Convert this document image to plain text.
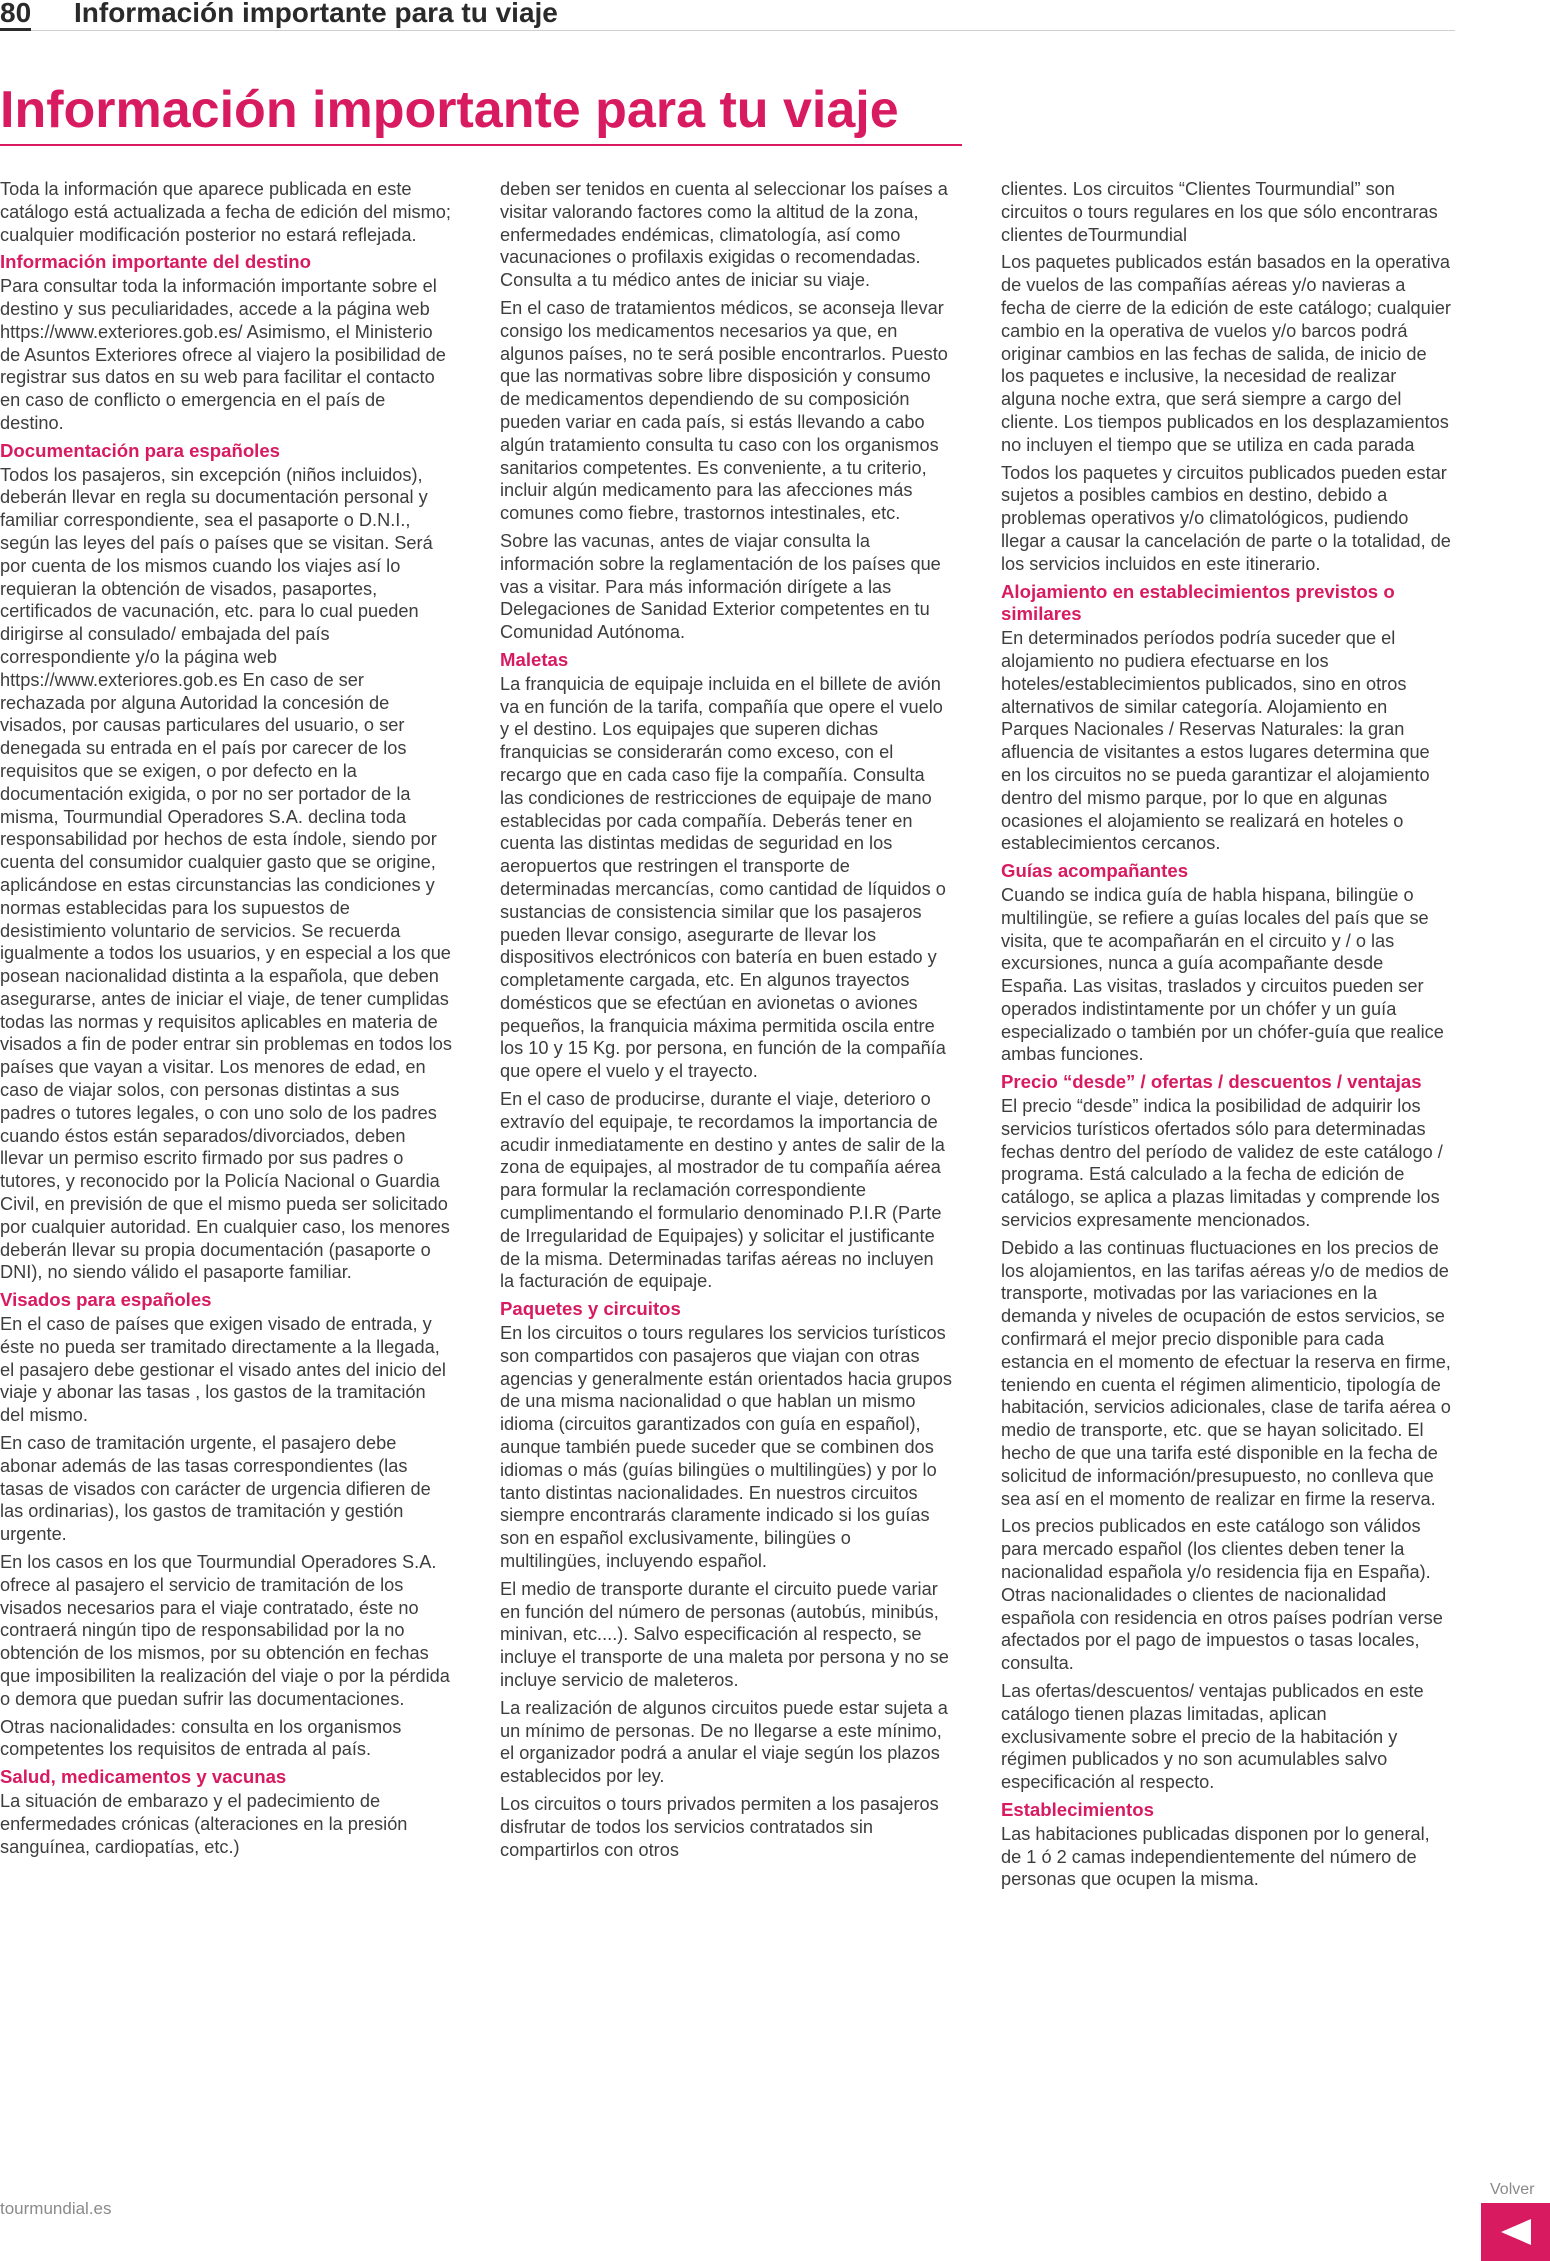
80 Información importante para tu viaje
Información importante para tu viaje

Toda la información que aparece publicada en este catálogo está actualizada a fecha de edición del mismo; cualquier modificación posterior no estará reflejada.

Información importante del destino

Para consultar toda la información importante sobre el destino y sus peculiaridades, accede a la página web https://www.exteriores.gob.es/ Asimismo, el Ministerio de Asuntos Exteriores ofrece al viajero la posibilidad de registrar sus datos en su web para facilitar el contacto en caso de conflicto o emergencia en el país de destino.

Documentación para españoles

Todos los pasajeros, sin excepción (niños incluidos), deberán llevar en regla su documentación personal y familiar correspondiente, sea el pasaporte o D.N.I., según las leyes del país o países que se visitan. Será por cuenta de los mismos cuando los viajes así lo requieran la obtención de visados, pasaportes, certificados de vacunación, etc. para lo cual pueden dirigirse al consulado/ embajada del país correspondiente y/o la página web https://www.exteriores.gob.es En caso de ser rechazada por alguna Autoridad la concesión de visados, por causas particulares del usuario, o ser denegada su entrada en el país por carecer de los requisitos que se exigen, o por defecto en la documentación exigida, o por no ser portador de la misma, Tourmundial Operadores S.A. declina toda responsabilidad por hechos de esta índole, siendo por cuenta del consumidor cualquier gasto que se origine, aplicándose en estas circunstancias las condiciones y normas establecidas para los supuestos de desistimiento voluntario de servicios. Se recuerda igualmente a todos los usuarios, y en especial a los que posean nacionalidad distinta a la española, que deben asegurarse, antes de iniciar el viaje, de tener cumplidas todas las normas y requisitos aplicables en materia de visados a fin de poder entrar sin problemas en todos los países que vayan a visitar. Los menores de edad, en caso de viajar solos, con personas distintas a sus padres o tutores legales, o con uno solo de los padres cuando éstos están separados/divorciados, deben llevar un permiso escrito firmado por sus padres o tutores, y reconocido por la Policía Nacional o Guardia Civil, en previsión de que el mismo pueda ser solicitado por cualquier autoridad. En cualquier caso, los menores deberán llevar su propia documentación (pasaporte o DNI), no siendo válido el pasaporte familiar.

Visados para españoles

En el caso de países que exigen visado de entrada, y éste no pueda ser tramitado directamente a la llegada, el pasajero debe gestionar el visado antes del inicio del viaje y abonar las tasas , los gastos de la tramitación del mismo.

En caso de tramitación urgente, el pasajero debe abonar además de las tasas correspondientes (las tasas de visados con carácter de urgencia difieren de las ordinarias), los gastos de tramitación y gestión urgente.

En los casos en los que Tourmundial Operadores S.A. ofrece al pasajero el servicio de tramitación de los visados necesarios para el viaje contratado, éste no contraerá ningún tipo de responsabilidad por la no obtención de los mismos, por su obtención en fechas que imposibiliten la realización del viaje o por la pérdida o demora que puedan sufrir las documentaciones.

Otras nacionalidades: consulta en los organismos competentes los requisitos de entrada al país.

Salud, medicamentos y vacunas

La situación de embarazo y el padecimiento de enfermedades crónicas (alteraciones en la presión sanguínea, cardiopatías, etc.)

deben ser tenidos en cuenta al seleccionar los países a visitar valorando factores como la altitud de la zona, enfermedades endémicas, climatología, así como vacunaciones o profilaxis exigidas o recomendadas. Consulta a tu médico antes de iniciar su viaje.

En el caso de tratamientos médicos, se aconseja llevar consigo los medicamentos necesarios ya que, en algunos países, no te será posible encontrarlos. Puesto que las normativas sobre libre disposición y consumo de medicamentos dependiendo de su composición pueden variar en cada país, si estás llevando a cabo algún tratamiento consulta tu caso con los organismos sanitarios competentes. Es conveniente, a tu criterio, incluir algún medicamento para las afecciones más comunes como fiebre, trastornos intestinales, etc.

Sobre las vacunas, antes de viajar consulta la información sobre la reglamentación de los países que vas a visitar. Para más información dirígete a las Delegaciones de Sanidad Exterior competentes en tu Comunidad Autónoma.

Maletas

La franquicia de equipaje incluida en el billete de avión va en función de la tarifa, compañía que opere el vuelo y el destino. Los equipajes que superen dichas franquicias se considerarán como exceso, con el recargo que en cada caso fije la compañía. Consulta las condiciones de restricciones de equipaje de mano establecidas por cada compañía. Deberás tener en cuenta las distintas medidas de seguridad en los aeropuertos que restringen el transporte de determinadas mercancías, como cantidad de líquidos o sustancias de consistencia similar que los pasajeros pueden llevar consigo, asegurarte de llevar los dispositivos electrónicos con batería en buen estado y completamente cargada, etc. En algunos trayectos domésticos que se efectúan en avionetas o aviones pequeños, la franquicia máxima permitida oscila entre los 10 y 15 Kg. por persona, en función de la compañía que opere el vuelo y el trayecto.

En el caso de producirse, durante el viaje, deterioro o extravío del equipaje, te recordamos la importancia de acudir inmediatamente en destino y antes de salir de la zona de equipajes, al mostrador de tu compañía aérea para formular la reclamación correspondiente cumplimentando el formulario denominado P.I.R (Parte de Irregularidad de Equipajes) y solicitar el justificante de la misma. Determinadas tarifas aéreas no incluyen la facturación de equipaje.

Paquetes y circuitos

En los circuitos o tours regulares los servicios turísticos son compartidos con pasajeros que viajan con otras agencias y generalmente están orientados hacia grupos de una misma nacionalidad o que hablan un mismo idioma (circuitos garantizados con guía en español), aunque también puede suceder que se combinen dos idiomas o más (guías bilingües o multilingües) y por lo tanto distintas nacionalidades. En nuestros circuitos siempre encontrarás claramente indicado si los guías son en español exclusivamente, bilingües o multilingües, incluyendo español.

El medio de transporte durante el circuito puede variar en función del número de personas (autobús, minibús, minivan, etc....). Salvo especificación al respecto, se incluye el transporte de una maleta por persona y no se incluye servicio de maleteros.

La realización de algunos circuitos puede estar sujeta a un mínimo de personas. De no llegarse a este mínimo, el organizador podrá a anular el viaje según los plazos establecidos por ley.

Los circuitos o tours privados permiten a los pasajeros disfrutar de todos los servicios contratados sin compartirlos con otros

clientes. Los circuitos “Clientes Tourmundial” son circuitos o tours regulares en los que sólo encontraras clientes deTourmundial

Los paquetes publicados están basados en la operativa de vuelos de las compañías aéreas y/o navieras a fecha de cierre de la edición de este catálogo; cualquier cambio en la operativa de vuelos y/o barcos podrá originar cambios en las fechas de salida, de inicio de los paquetes e inclusive, la necesidad de realizar alguna noche extra, que será siempre a cargo del cliente. Los tiempos publicados en los desplazamientos no incluyen el tiempo que se utiliza en cada parada

Todos los paquetes y circuitos publicados pueden estar sujetos a posibles cambios en destino, debido a problemas operativos y/o climatológicos, pudiendo llegar a causar la cancelación de parte o la totalidad, de los servicios incluidos en este itinerario.

Alojamiento en establecimientos previstos o similares

En determinados períodos podría suceder que el alojamiento no pudiera efectuarse en los hoteles/establecimientos publicados, sino en otros alternativos de similar categoría. Alojamiento en Parques Nacionales / Reservas Naturales: la gran afluencia de visitantes a estos lugares determina que en los circuitos no se pueda garantizar el alojamiento dentro del mismo parque, por lo que en algunas ocasiones el alojamiento se realizará en hoteles o establecimientos cercanos.

Guías acompañantes

Cuando se indica guía de habla hispana, bilingüe o multilingüe, se refiere a guías locales del país que se visita, que te acompañarán en el circuito y / o las excursiones, nunca a guía acompañante desde España. Las visitas, traslados y circuitos pueden ser operados indistintamente por un chófer y un guía especializado o también por un chófer-guía que realice ambas funciones.

Precio “desde” / ofertas / descuentos / ventajas

El precio “desde” indica la posibilidad de adquirir los servicios turísticos ofertados sólo para determinadas fechas dentro del período de validez de este catálogo / programa. Está calculado a la fecha de edición de catálogo, se aplica a plazas limitadas y comprende los servicios expresamente mencionados.

Debido a las continuas fluctuaciones en los precios de los alojamientos, en las tarifas aéreas y/o de medios de transporte, motivadas por las variaciones en la demanda y niveles de ocupación de estos servicios, se confirmará el mejor precio disponible para cada estancia en el momento de efectuar la reserva en firme, teniendo en cuenta el régimen alimenticio, tipología de habitación, servicios adicionales, clase de tarifa aérea o medio de transporte, etc. que se hayan solicitado. El hecho de que una tarifa esté disponible en la fecha de solicitud de información/presupuesto, no conlleva que sea así en el momento de realizar en firme la reserva.

Los precios publicados en este catálogo son válidos para mercado español (los clientes deben tener la nacionalidad española y/o residencia fija en España). Otras nacionalidades o clientes de nacionalidad española con residencia en otros países podrían verse afectados por el pago de impuestos o tasas locales, consulta.

Las ofertas/descuentos/ ventajas publicados en este catálogo tienen plazas limitadas, aplican exclusivamente sobre el precio de la habitación y régimen publicados y no son acumulables salvo especificación al respecto.

Establecimientos

Las habitaciones publicadas disponen por lo general, de 1 ó 2 camas independientemente del número de personas que ocupen la misma.

tourmundial.es
Volver
